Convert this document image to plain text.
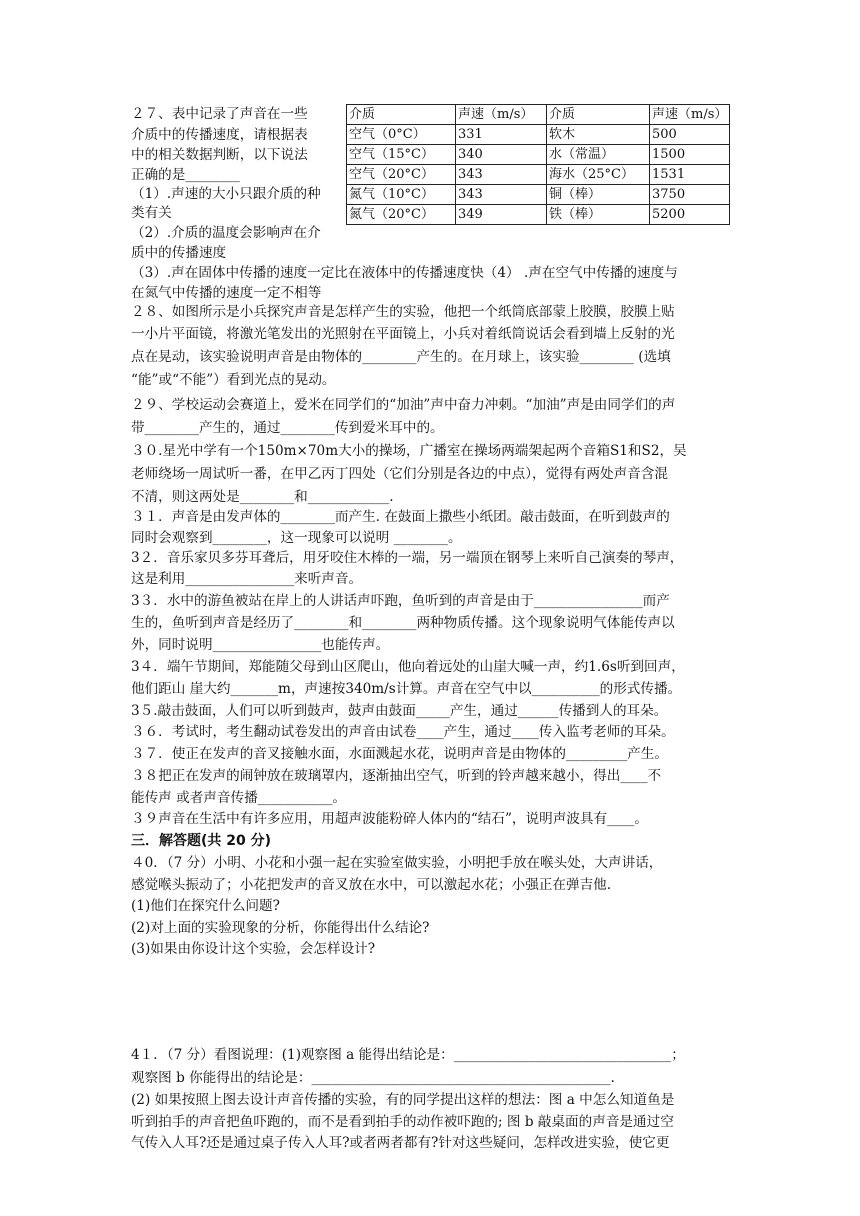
２７、表中记录了声音在一些
介质中的传播速度，请根据表
中的相关数据判断，以下说法
正确的是________
（1）.声速的大小只跟介质的种
类有关
（2）.介质的温度会影响声在介
质中的传播速度
（3）.声在固体中传播的速度一定比在液体中的传播速度快（4） .声在空气中传播的速度与
在氮气中传播的速度一定不相等
介质	声速（m/s）	介质	声速（m/s）
空气（0°C）	331	软木	500
空气（15°C）	340	水（常温）	1500
空气（20°C）	343	海水（25°C）	1531
氮气（10°C）	343	铜（棒）	3750
氮气（20°C）	349	铁（棒）	5200
２８、如图所示是小兵探究声音是怎样产生的实验，他把一个纸筒底部蒙上胶膜，胶膜上贴
一小片平面镜，将激光笔发出的光照射在平面镜上，小兵对着纸筒说话会看到墙上反射的光
点在晃动，该实验说明声音是由物体的________产生的。在月球上，该实验________ (选填
“能”或“不能”）看到光点的晃动。
２９、学校运动会赛道上，爱米在同学们的“加油”声中奋力冲刺。“加油”声是由同学们的声
带________产生的，通过________传到爱米耳中的。
３０.星光中学有一个150m×70m大小的操场，广播室在操场两端架起两个音箱S1和S2，吴
老师绕场一周试听一番，在甲乙丙丁四处（它们分别是各边的中点），觉得有两处声音含混
不清，则这两处是________和____________.
３１．声音是由发声体的________而产生. 在鼓面上撒些小纸团。敲击鼓面，在听到鼓声的
同时会观察到________，这一现象可以说明 ________。
3２．音乐家贝多芬耳聋后，用牙咬住木棒的一端，另一端顶在钢琴上来听自己演奏的琴声，
这是利用________________来听声音。
3３．水中的游鱼被站在岸上的人讲话声吓跑，鱼听到的声音是由于________________而产
生的，鱼听到声音是经历了________和________两种物质传播。这个现象说明气体能传声以
外，同时说明________________也能传声。
3４．端午节期间，郑能随父母到山区爬山，他向着远处的山崖大喊一声，约1.6s听到回声，
他们距山 崖大约_______m，声速按340m/s计算。声音在空气中以__________的形式传播。
3５.敲击鼓面，人们可以听到鼓声，鼓声由鼓面_____产生，通过______传播到人的耳朵。
３６．考试时，考生翻动试卷发出的声音由试卷____产生，通过____传入监考老师的耳朵。
３７．使正在发声的音叉接触水面，水面溅起水花，说明声音是由物体的_________产生。
３８把正在发声的闹钟放在玻璃罩内，逐渐抽出空气，听到的铃声越来越小，得出____不
能传声 或者声音传播___________。
３９声音在生活中有许多应用，用超声波能粉碎人体内的“结石”，说明声波具有____。
三．解答题(共 20 分)
４0．（7 分）小明、小花和小强一起在实验室做实验，小明把手放在喉头处，大声讲话，
感觉喉头振动了；小花把发声的音叉放在水中，可以激起水花；小强正在弹吉他.
(1)他们在探究什么问题?
(2)对上面的实验现象的分析，你能得出什么结论?
(3)如果由你设计这个实验，会怎样设计?
4１．（7 分）看图说理：(1)观察图 a 能得出结论是：________________________________；
观察图 b 你能得出的结论是：____________________________________________.
(2) 如果按照上图去设计声音传播的实验，有的同学提出这样的想法：图 a 中怎么知道鱼是
听到拍手的声音把鱼吓跑的，而不是看到拍手的动作被吓跑的; 图 b 敲桌面的声音是通过空
气传入人耳?还是通过桌子传入人耳?或者两者都有?针对这些疑问，怎样改进实验，使它更
